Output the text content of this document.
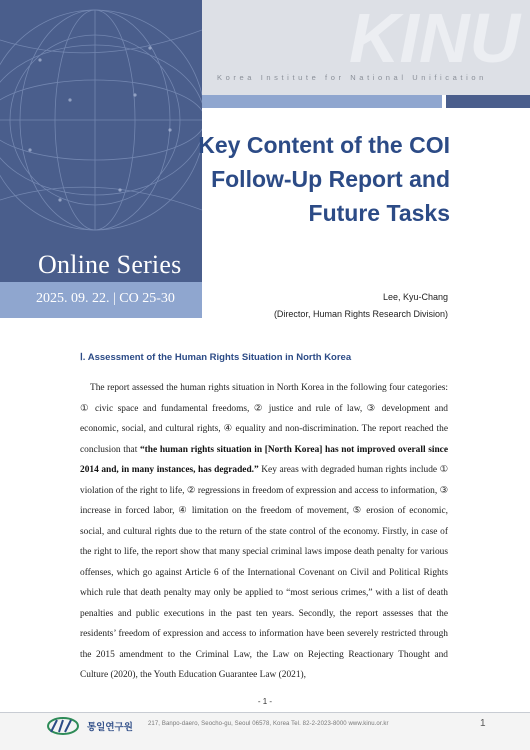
KINU
Online Series
2025. 09. 22. | CO 25-30
Korea Institute for National Unification
Key Content of the COI Follow-Up Report and Future Tasks
Lee, Kyu-Chang
(Director, Human Rights Research Division)
Ⅰ. Assessment of the Human Rights Situation in North Korea

The report assessed the human rights situation in North Korea in the following four categories: ① civic space and fundamental freedoms, ② justice and rule of law, ③ development and economic, social, and cultural rights, ④ equality and non-discrimination. The report reached the conclusion that “the human rights situation in [North Korea] has not improved overall since 2014 and, in many instances, has degraded.” Key areas with degraded human rights include ① violation of the right to life, ② regressions in freedom of expression and access to information, ③ increase in forced labor, ④ limitation on the freedom of movement, ⑤ erosion of economic, social, and cultural rights due to the return of the state control of the economy. Firstly, in case of the right to life, the report show that many special criminal laws impose death penalty for various offenses, which go against Article 6 of the International Covenant on Civil and Political Rights which rule that death penalty may only be applied to “most serious crimes,” with a list of death penalties and public executions in the past ten years. Secondly, the report assesses that the residents’ freedom of expression and access to information have been severely restricted through the 2015 amendment to the Criminal Law, the Law on Rejecting Reactionary Thought and Culture (2020), the Youth Education Guarantee Law (2021),

- 1 -
통일연구원	217, Banpo-daero, Seocho-gu, Seoul 06578, Korea Tel. 82-2-2023-8000 www.kinu.or.kr	1
